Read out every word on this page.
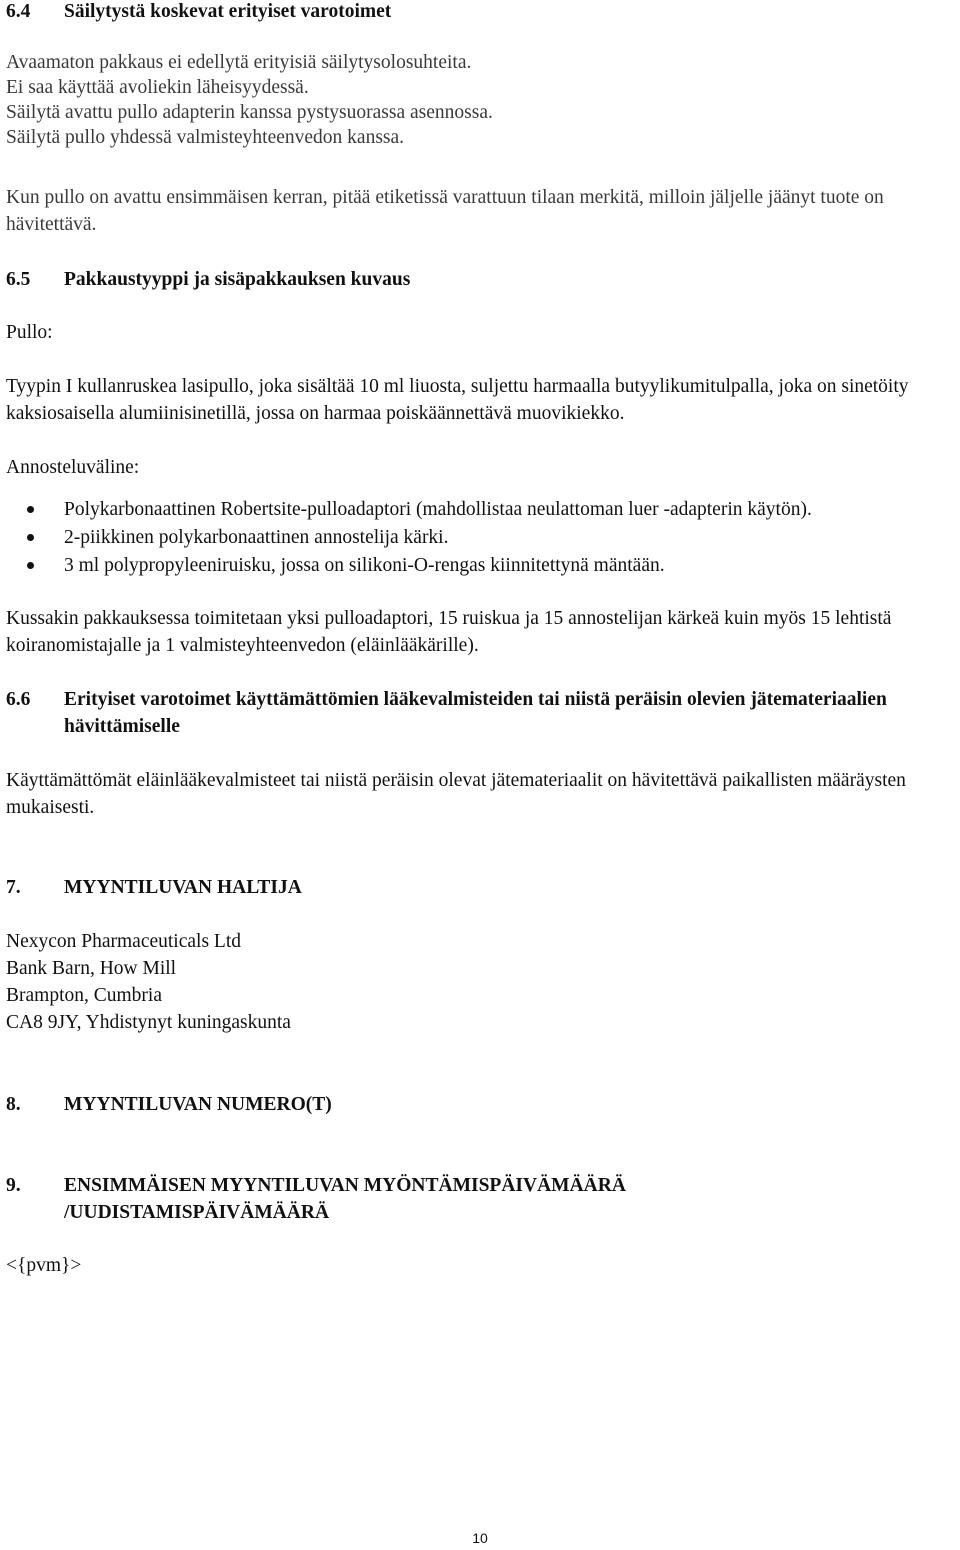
6.4	Säilytystä koskevat erityiset varotoimet

Avaamaton pakkaus ei edellytä erityisiä säilytysolosuhteita.

Ei saa käyttää avoliekin läheisyydessä.

Säilytä avattu pullo adapterin kanssa pystysuorassa asennossa.

Säilytä pullo yhdessä valmisteyhteenvedon kanssa.

Kun pullo on avattu ensimmäisen kerran, pitää etiketissä varattuun tilaan merkitä, milloin jäljelle jäänyt tuote on hävitettävä.

6.5	Pakkaustyyppi ja sisäpakkauksen kuvaus

Pullo:

Tyypin I kullanruskea lasipullo, joka sisältää 10 ml liuosta, suljettu harmaalla butyylikumitulpalla, joka on sinetöity kaksiosaisella alumiinisinetillä, jossa on harmaa poiskäännettävä muovikiekko.

Annosteluväline:

Polykarbonaattinen Robertsite-pulloadaptori (mahdollistaa neulattoman luer -adapterin käytön).
2-piikkinen polykarbonaattinen annostelija kärki.
3 ml polypropyleeniruisku, jossa on silikoni-O-rengas kiinnitettynä mäntään.

Kussakin pakkauksessa toimitetaan yksi pulloadaptori, 15 ruiskua ja 15 annostelijan kärkeä kuin myös 15 lehtistä koiranomistajalle ja 1 valmisteyhteenvedon (eläinlääkärille).

6.6	Erityiset varotoimet käyttämättömien lääkevalmisteiden tai niistä peräisin olevien jätemateriaalien hävittämiselle

Käyttämättömät eläinlääkevalmisteet tai niistä peräisin olevat jätemateriaalit on hävitettävä paikallisten määräysten mukaisesti.

7.	MYYNTILUVAN HALTIJA

Nexycon Pharmaceuticals Ltd

Bank Barn, How Mill

Brampton, Cumbria

CA8 9JY, Yhdistynyt kuningaskunta

8.	MYYNTILUVAN NUMERO(T)
9.	ENSIMMÄISEN MYYNTILUVAN MYÖNTÄMISPÄIVÄMÄÄRÄ /UUDISTAMISPÄIVÄMÄÄRÄ

<{pvm}>

10
